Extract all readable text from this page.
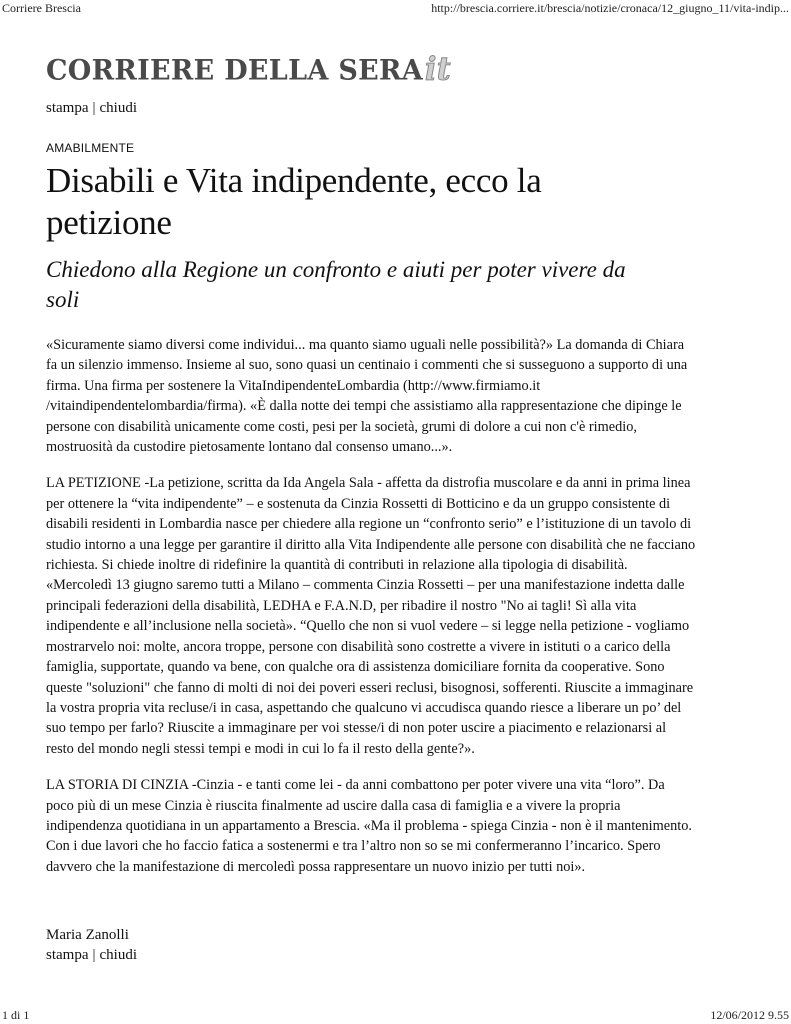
Corriere Brescia	http://brescia.corriere.it/brescia/notizie/cronaca/12_giugno_11/vita-indip...
CORRIERE DELLA SERAit
stampa | chiudi
AMABILMENTE
Disabili e Vita indipendente, ecco la petizione
Chiedono alla Regione un confronto e aiuti per poter vivere da soli

«Sicuramente siamo diversi come individui... ma quanto siamo uguali nelle possibilità?» La domanda di Chiara fa un silenzio immenso. Insieme al suo, sono quasi un centinaio i commenti che si susseguono a supporto di una firma. Una firma per sostenere la VitaIndipendenteLombardia (http://www.firmiamo.it /vitaindipendentelombardia/firma). «È dalla notte dei tempi che assistiamo alla rappresentazione che dipinge le persone con disabilità unicamente come costi, pesi per la società, grumi di dolore a cui non c'è rimedio, mostruosità da custodire pietosamente lontano dal consenso umano...».

LA PETIZIONE -La petizione, scritta da Ida Angela Sala - affetta da distrofia muscolare e da anni in prima linea per ottenere la “vita indipendente” – e sostenuta da Cinzia Rossetti di Botticino e da un gruppo consistente di disabili residenti in Lombardia nasce per chiedere alla regione un “confronto serio” e l’istituzione di un tavolo di studio intorno a una legge per garantire il diritto alla Vita Indipendente alle persone con disabilità che ne facciano richiesta. Si chiede inoltre di ridefinire la quantità di contributi in relazione alla tipologia di disabilità. «Mercoledì 13 giugno saremo tutti a Milano – commenta Cinzia Rossetti – per una manifestazione indetta dalle principali federazioni della disabilità, LEDHA e F.A.N.D, per ribadire il nostro "No ai tagli! Sì alla vita indipendente e all’inclusione nella società». “Quello che non si vuol vedere – si legge nella petizione - vogliamo mostrarvelo noi: molte, ancora troppe, persone con disabilità sono costrette a vivere in istituti o a carico della famiglia, supportate, quando va bene, con qualche ora di assistenza domiciliare fornita da cooperative. Sono queste "soluzioni" che fanno di molti di noi dei poveri esseri reclusi, bisognosi, sofferenti. Riuscite a immaginare la vostra propria vita recluse/i in casa, aspettando che qualcuno vi accudisca quando riesce a liberare un po’ del suo tempo per farlo? Riuscite a immaginare per voi stesse/i di non poter uscire a piacimento e relazionarsi al resto del mondo negli stessi tempi e modi in cui lo fa il resto della gente?».

LA STORIA DI CINZIA -Cinzia - e tanti come lei - da anni combattono per poter vivere una vita “loro”. Da poco più di un mese Cinzia è riuscita finalmente ad uscire dalla casa di famiglia e a vivere la propria indipendenza quotidiana in un appartamento a Brescia. «Ma il problema - spiega Cinzia - non è il mantenimento. Con i due lavori che ho faccio fatica a sostenermi e tra l’altro non so se mi confermeranno l’incarico. Spero davvero che la manifestazione di mercoledì possa rappresentare un nuovo inizio per tutti noi».

Maria Zanolli
stampa | chiudi
1 di 1	12/06/2012 9.55
